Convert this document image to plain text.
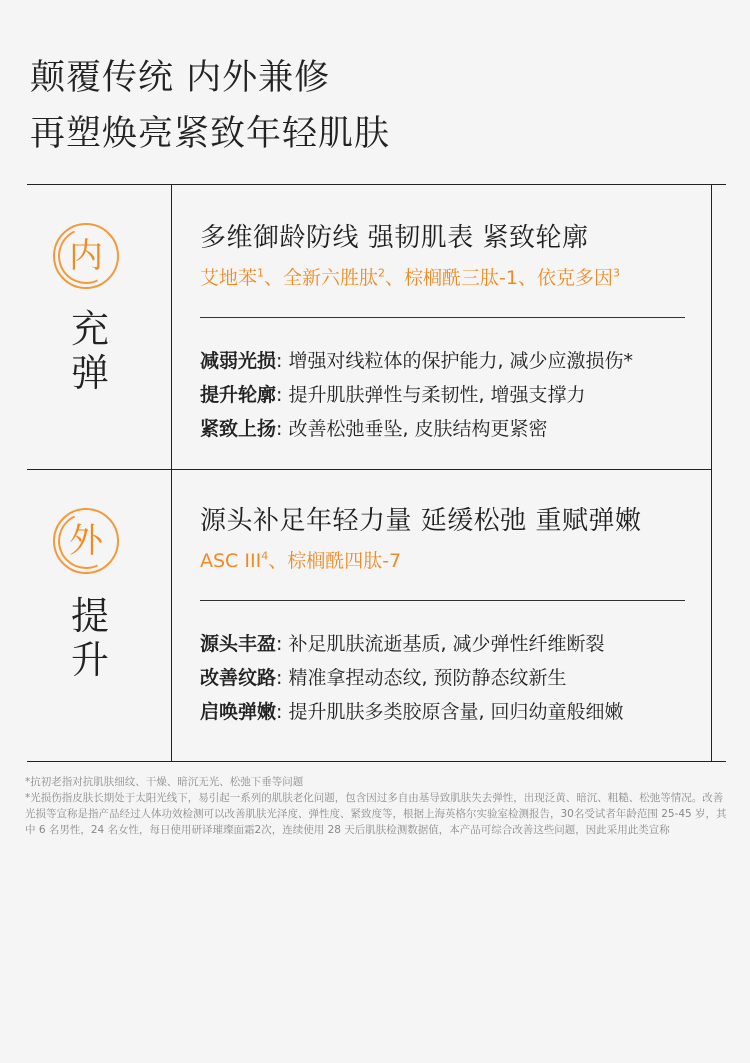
颠覆传统 内外兼修
再塑焕亮紧致年轻肌肤
内
充
弹
多维御龄防线 强韧肌表 紧致轮廓
艾地苯$^1$、全新六胜肽$^2$、棕榈酰三肽-1、依克多因$^3$
减弱光损: 增强对线粒体的保护能力, 减少应激损伤*
提升轮廓: 提升肌肤弹性与柔韧性, 增强支撑力
紧致上扬: 改善松弛垂坠, 皮肤结构更紧密
外
提
升
源头补足年轻力量 延缓松弛 重赋弹嫩
ASC III$^4$、棕榈酰四肽-7
源头丰盈: 补足肌肤流逝基质, 减少弹性纤维断裂
改善纹路: 精准拿捏动态纹, 预防静态纹新生
启唤弹嫩: 提升肌肤多类胶原含量, 回归幼童般细嫩

*抗初老指对抗肌肤细纹、干燥、暗沉无光、松弛下垂等问题

*光损伤指皮肤长期处于太阳光线下，易引起一系列的肌肤老化问题，包含因过多自由基导致肌肤失去弹性，出现泛黄、暗沉、粗糙、松弛等情况。改善光损等宣称是指产品经过人体功效检测可以改善肌肤光泽度、弹性度、紧致度等，根据上海英格尔实验室检测报告，30名受试者年龄范围 25-45 岁，其中 6 名男性，24 名女性，每日使用研译璀璨面霜2次，连续使用 28 天后肌肤检测数据值，本产品可综合改善这些问题，因此采用此类宣称
